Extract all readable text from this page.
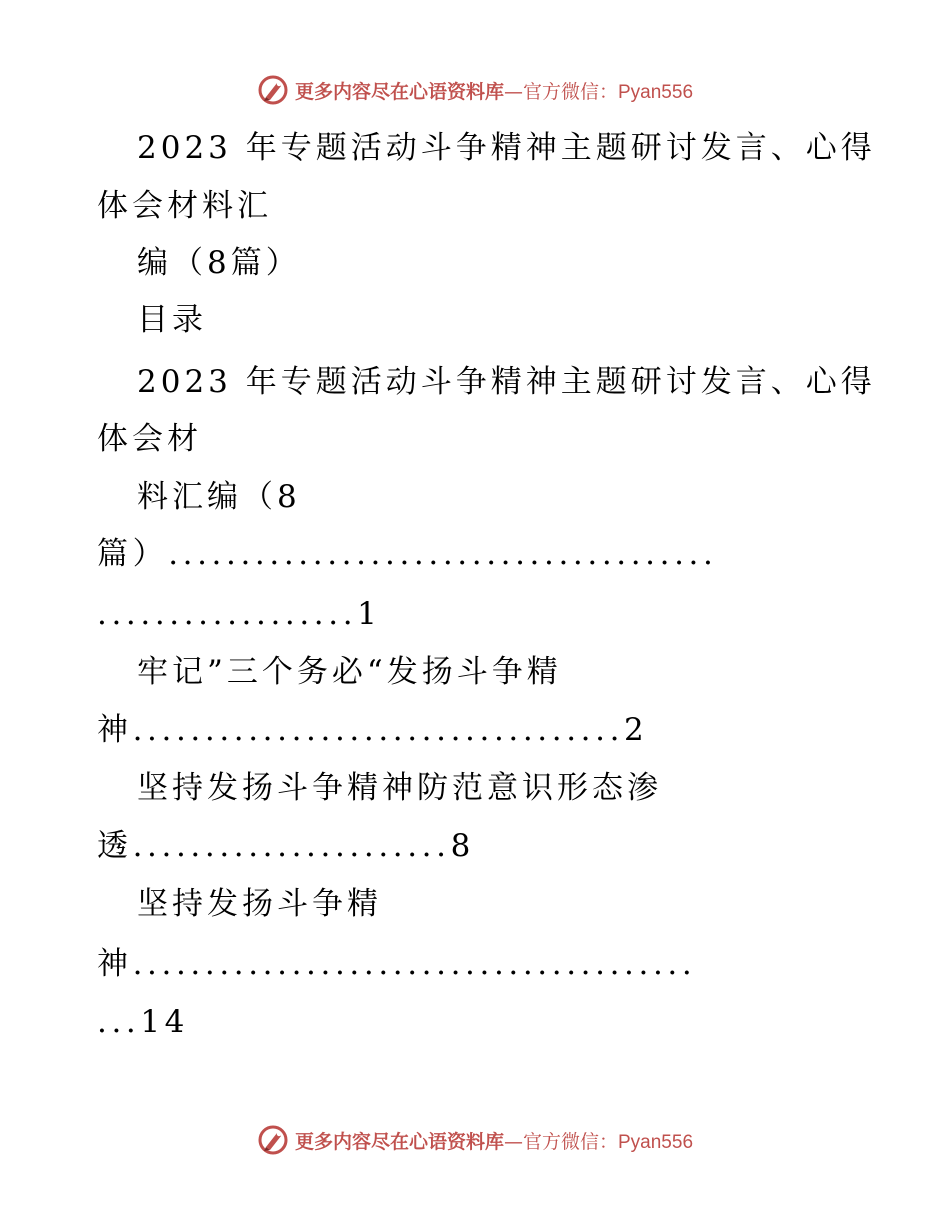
更多内容尽在心语资料库—官方微信：Pyan556
2023 年专题活动斗争精神主题研讨发言、心得
体会材料汇
编（8篇）
目录
2023 年专题活动斗争精神主题研讨发言、心得
体会材
料汇编（8
篇）......................................
..................1
牢记”三个务必“发扬斗争精
神..................................2
坚持发扬斗争精神防范意识形态渗
透......................8
坚持发扬斗争精
神.......................................
...14
更多内容尽在心语资料库—官方微信：Pyan556
